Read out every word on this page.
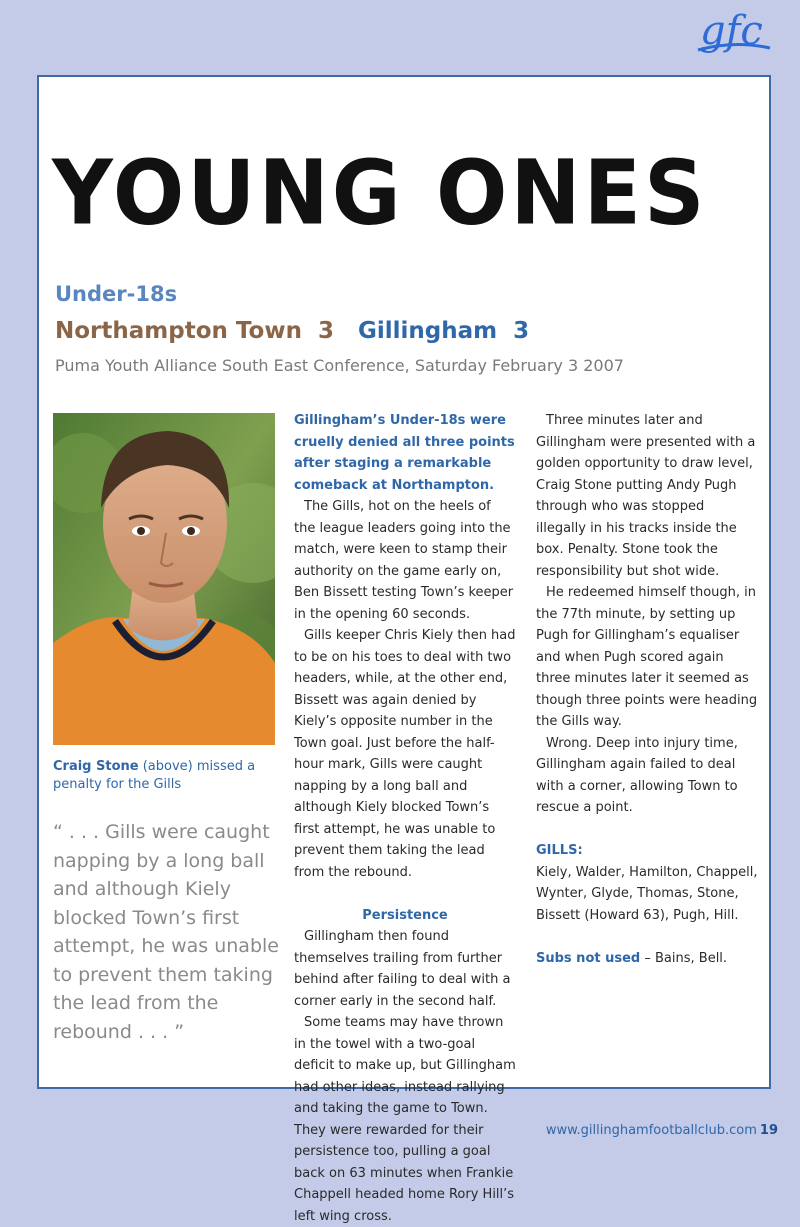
gfc
YOUNG ONES
Under-18s
Northampton Town 3 Gillingham 3
Puma Youth Alliance South East Conference, Saturday February 3 2007
Craig Stone (above) missed a penalty for the Gills
“ . . . Gills were caught napping by a long ball and although Kiely blocked Town’s first attempt, he was unable to prevent them taking the lead from the rebound . . . ”

Gillingham’s Under-18s were cruelly denied all three points after staging a remarkable comeback at Northampton.

The Gills, hot on the heels of the league leaders going into the match, were keen to stamp their authority on the game early on, Ben Bissett testing Town’s keeper in the opening 60 seconds.

Gills keeper Chris Kiely then had to be on his toes to deal with two headers, while, at the other end, Bissett was again denied by Kiely’s opposite number in the Town goal. Just before the half-hour mark, Gills were caught napping by a long ball and although Kiely blocked Town’s first attempt, he was unable to prevent them taking the lead from the rebound.

Persistence

Gillingham then found themselves trailing from further behind after failing to deal with a corner early in the second half.

Some teams may have thrown in the towel with a two-goal deficit to make up, but Gillingham had other ideas, instead rallying and taking the game to Town. They were rewarded for their persistence too, pulling a goal back on 63 minutes when Frankie Chappell headed home Rory Hill’s left wing cross.

Three minutes later and Gillingham were presented with a golden opportunity to draw level, Craig Stone putting Andy Pugh through who was stopped illegally in his tracks inside the box. Penalty. Stone took the responsibility but shot wide.

He redeemed himself though, in the 77th minute, by setting up Pugh for Gillingham’s equaliser and when Pugh scored again three minutes later it seemed as though three points were heading the Gills way.

Wrong. Deep into injury time, Gillingham again failed to deal with a corner, allowing Town to rescue a point.

GILLS:

Kiely, Walder, Hamilton, Chappell, Wynter, Glyde, Thomas, Stone, Bissett (Howard 63), Pugh, Hill.

Subs not used – Bains, Bell.

www.gillinghamfootballclub.com 19
